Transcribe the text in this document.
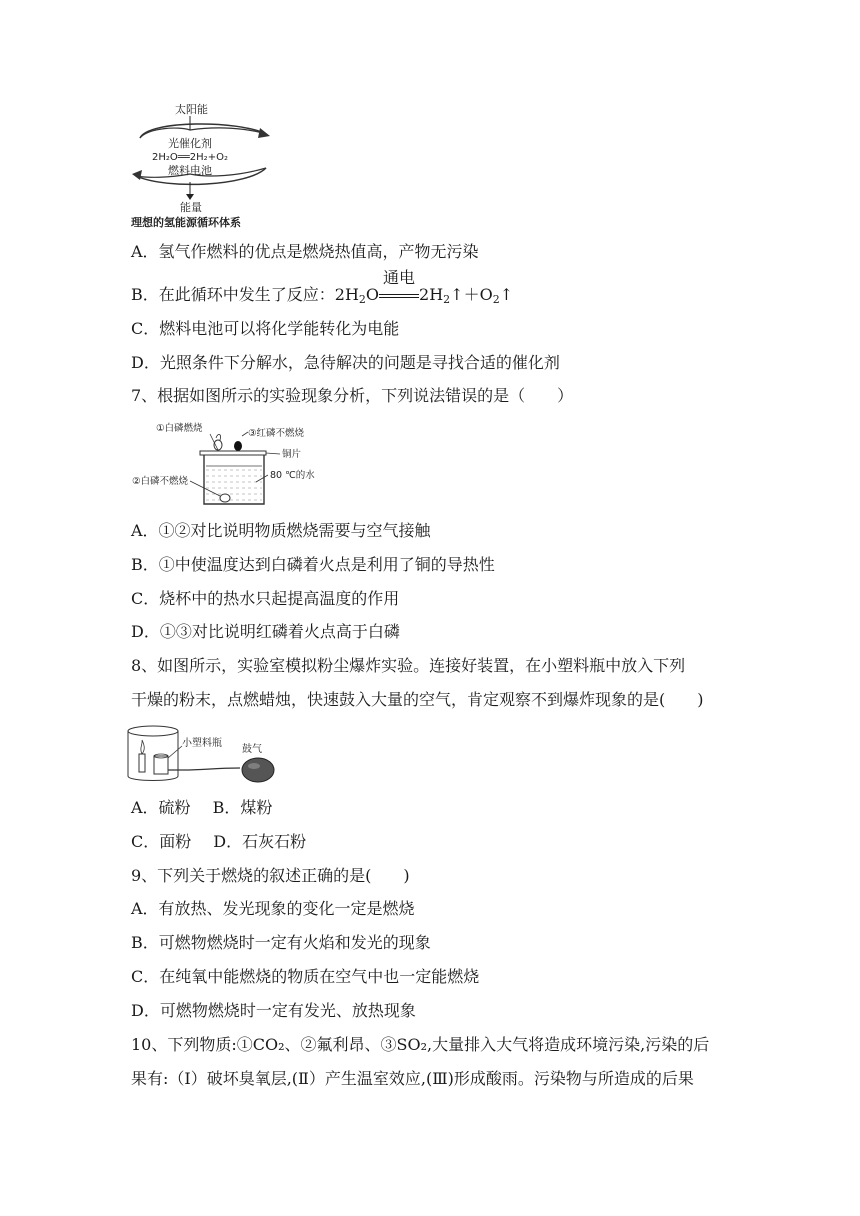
太阳能
光催化剂
2H₂O══2H₂+O₂
燃料电池
能量
理想的氢能源循环体系
A．氢气作燃料的优点是燃烧热值高，产物无污染
B．在此循环中发生了反应：$2H_2O$
通电
$2H_2↑+O_2↑$
C．燃料电池可以将化学能转化为电能
D．光照条件下分解水，急待解决的问题是寻找合适的催化剂
7、根据如图所示的实验现象分析，下列说法错误的是（　　）
①白磷燃烧	③红磷不燃烧
铜片
②白磷不燃烧
80 ℃的水
A．①②对比说明物质燃烧需要与空气接触
B．①中使温度达到白磷着火点是利用了铜的导热性
C．烧杯中的热水只起提高温度的作用
D．①③对比说明红磷着火点高于白磷
8、如图所示，实验室模拟粉尘爆炸实验。连接好装置，在小塑料瓶中放入下列
干燥的粉末，点燃蜡烛，快速鼓入大量的空气，肯定观察不到爆炸现象的是(　　)
小塑料瓶
鼓气
A．硫粉 B．煤粉
C．面粉 D．石灰石粉
9、下列关于燃烧的叙述正确的是(　　)
A．有放热、发光现象的变化一定是燃烧
B．可燃物燃烧时一定有火焰和发光的现象
C．在纯氧中能燃烧的物质在空气中也一定能燃烧
D．可燃物燃烧时一定有发光、放热现象
10、下列物质:①CO₂、②氟利昂、③SO₂,大量排入大气将造成环境污染,污染的后
果有:（Ⅰ）破坏臭氧层,(Ⅱ）产生温室效应,(Ⅲ)形成酸雨。污染物与所造成的后果
